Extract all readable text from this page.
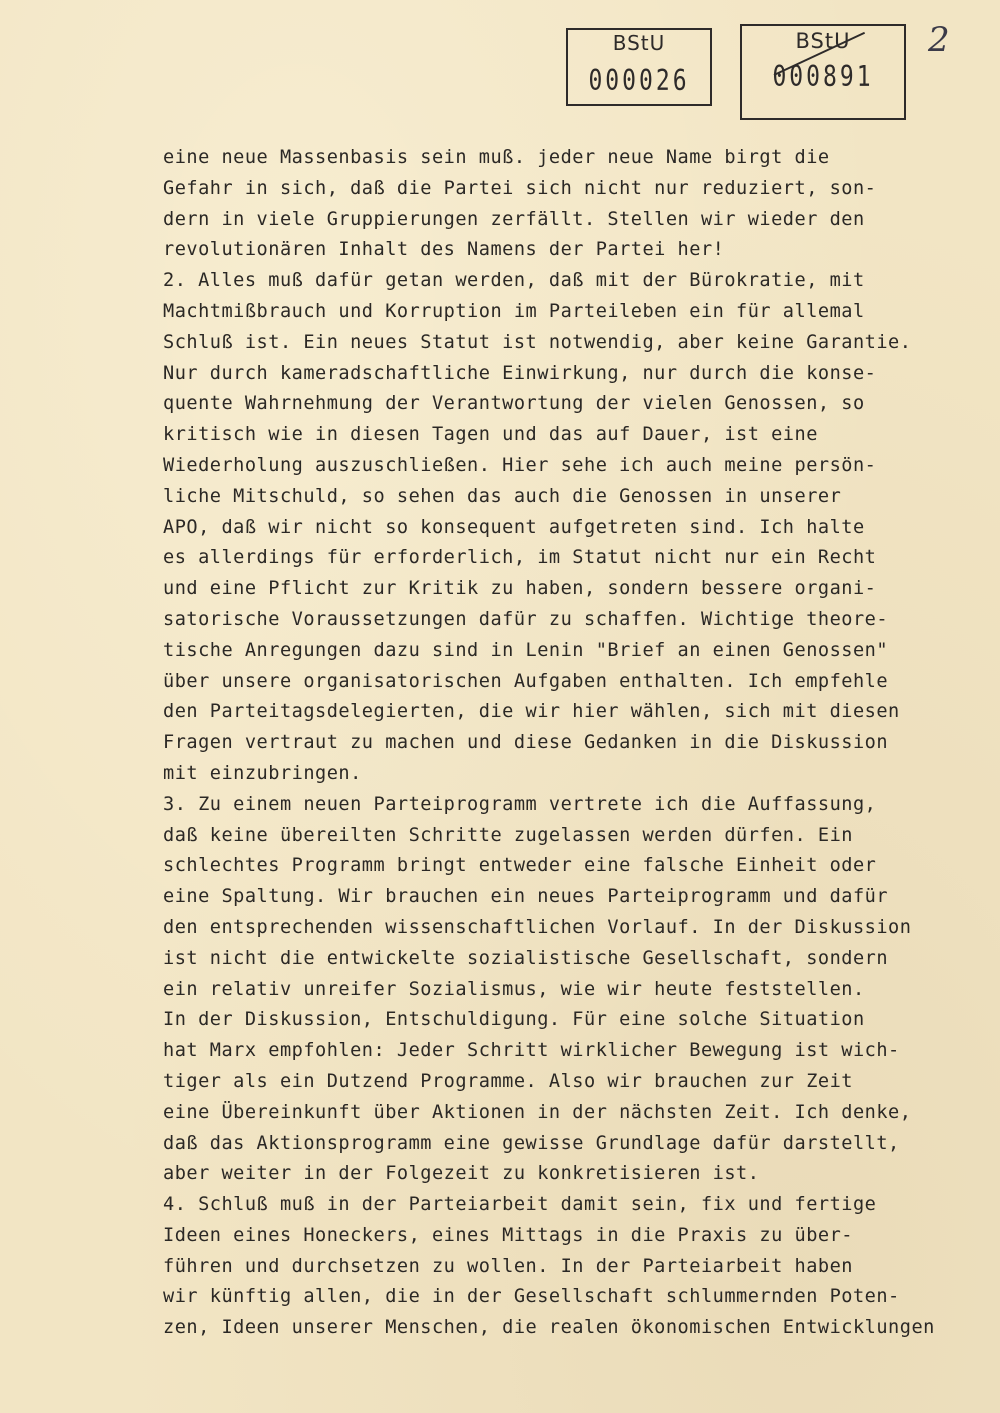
BStU
000026
BStU
000891
2
eine neue Massenbasis sein muß. jeder neue Name birgt die
Gefahr in sich, daß die Partei sich nicht nur reduziert, son-
dern in viele Gruppierungen zerfällt. Stellen wir wieder den
revolutionären Inhalt des Namens der Partei her!
2. Alles muß dafür getan werden, daß mit der Bürokratie, mit
Machtmißbrauch und Korruption im Parteileben ein für allemal
Schluß ist. Ein neues Statut ist notwendig, aber keine Garantie.
Nur durch kameradschaftliche Einwirkung, nur durch die konse-
quente Wahrnehmung der Verantwortung der vielen Genossen, so
kritisch wie in diesen Tagen und das auf Dauer, ist eine
Wiederholung auszuschließen. Hier sehe ich auch meine persön-
liche Mitschuld, so sehen das auch die Genossen in unserer
APO, daß wir nicht so konsequent aufgetreten sind. Ich halte
es allerdings für erforderlich, im Statut nicht nur ein Recht
und eine Pflicht zur Kritik zu haben, sondern bessere organi-
satorische Voraussetzungen dafür zu schaffen. Wichtige theore-
tische Anregungen dazu sind in Lenin "Brief an einen Genossen"
über unsere organisatorischen Aufgaben enthalten. Ich empfehle
den Parteitagsdelegierten, die wir hier wählen, sich mit diesen
Fragen vertraut zu machen und diese Gedanken in die Diskussion
mit einzubringen.
3. Zu einem neuen Parteiprogramm vertrete ich die Auffassung,
daß keine übereilten Schritte zugelassen werden dürfen. Ein
schlechtes Programm bringt entweder eine falsche Einheit oder
eine Spaltung. Wir brauchen ein neues Parteiprogramm und dafür
den entsprechenden wissenschaftlichen Vorlauf. In der Diskussion
ist nicht die entwickelte sozialistische Gesellschaft, sondern
ein relativ unreifer Sozialismus, wie wir heute feststellen.
In der Diskussion, Entschuldigung. Für eine solche Situation
hat Marx empfohlen: Jeder Schritt wirklicher Bewegung ist wich-
tiger als ein Dutzend Programme. Also wir brauchen zur Zeit
eine Übereinkunft über Aktionen in der nächsten Zeit. Ich denke,
daß das Aktionsprogramm eine gewisse Grundlage dafür darstellt,
aber weiter in der Folgezeit zu konkretisieren ist.
4. Schluß muß in der Parteiarbeit damit sein, fix und fertige
Ideen eines Honeckers, eines Mittags in die Praxis zu über-
führen und durchsetzen zu wollen. In der Parteiarbeit haben
wir künftig allen, die in der Gesellschaft schlummernden Poten-
zen, Ideen unserer Menschen, die realen ökonomischen Entwicklungen
